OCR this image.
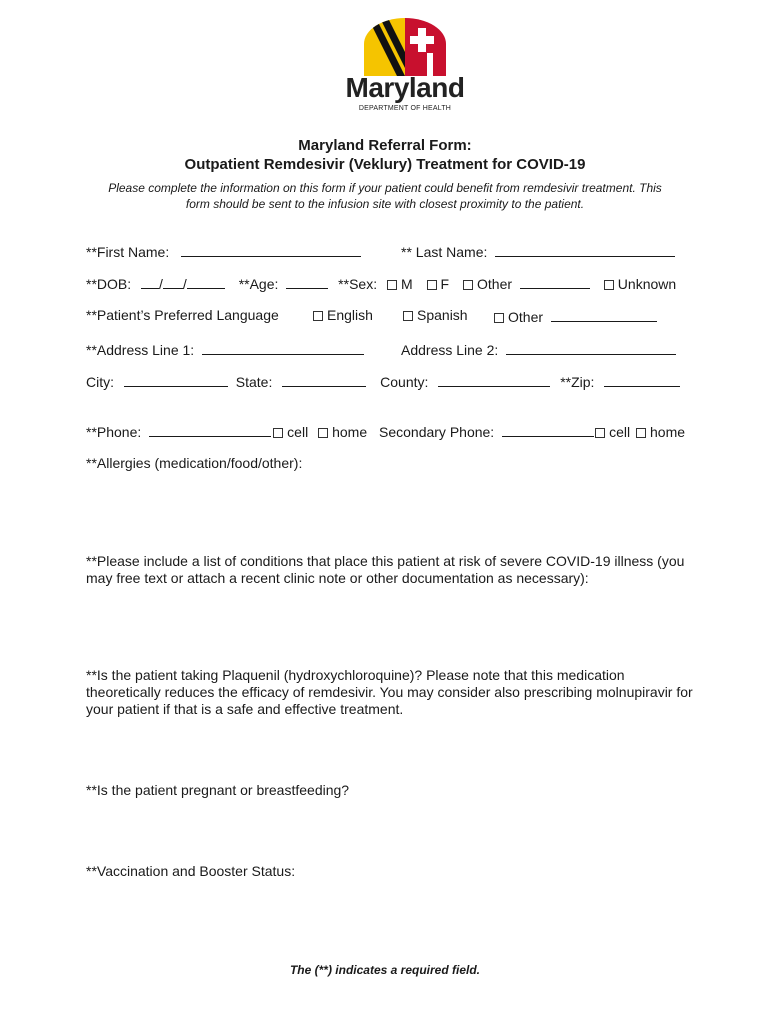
Maryland
DEPARTMENT OF HEALTH
Maryland Referral Form:
Outpatient Remdesivir (Veklury) Treatment for COVID-19
Please complete the information on this form if your patient could benefit from remdesivir treatment. This
form should be sent to the infusion site with closest proximity to the patient.
**First Name:	** Last Name:
**DOB: / /	**Age:	**Sex: M F Other	Unknown
**Patient’s Preferred Language	English	Spanish	Other
**Address Line 1:	Address Line 2:
City:	State:	County:	**Zip:
**Phone:	cell home Secondary Phone:	cell home
**Allergies (medication/food/other):
**Please include a list of conditions that place this patient at risk of severe COVID-19 illness (you
may free text or attach a recent clinic note or other documentation as necessary):
**Is the patient taking Plaquenil (hydroxychloroquine)? Please note that this medication
theoretically reduces the efficacy of remdesivir. You may consider also prescribing molnupiravir for
your patient if that is a safe and effective treatment.
**Is the patient pregnant or breastfeeding?
**Vaccination and Booster Status:
The (**) indicates a required field.
